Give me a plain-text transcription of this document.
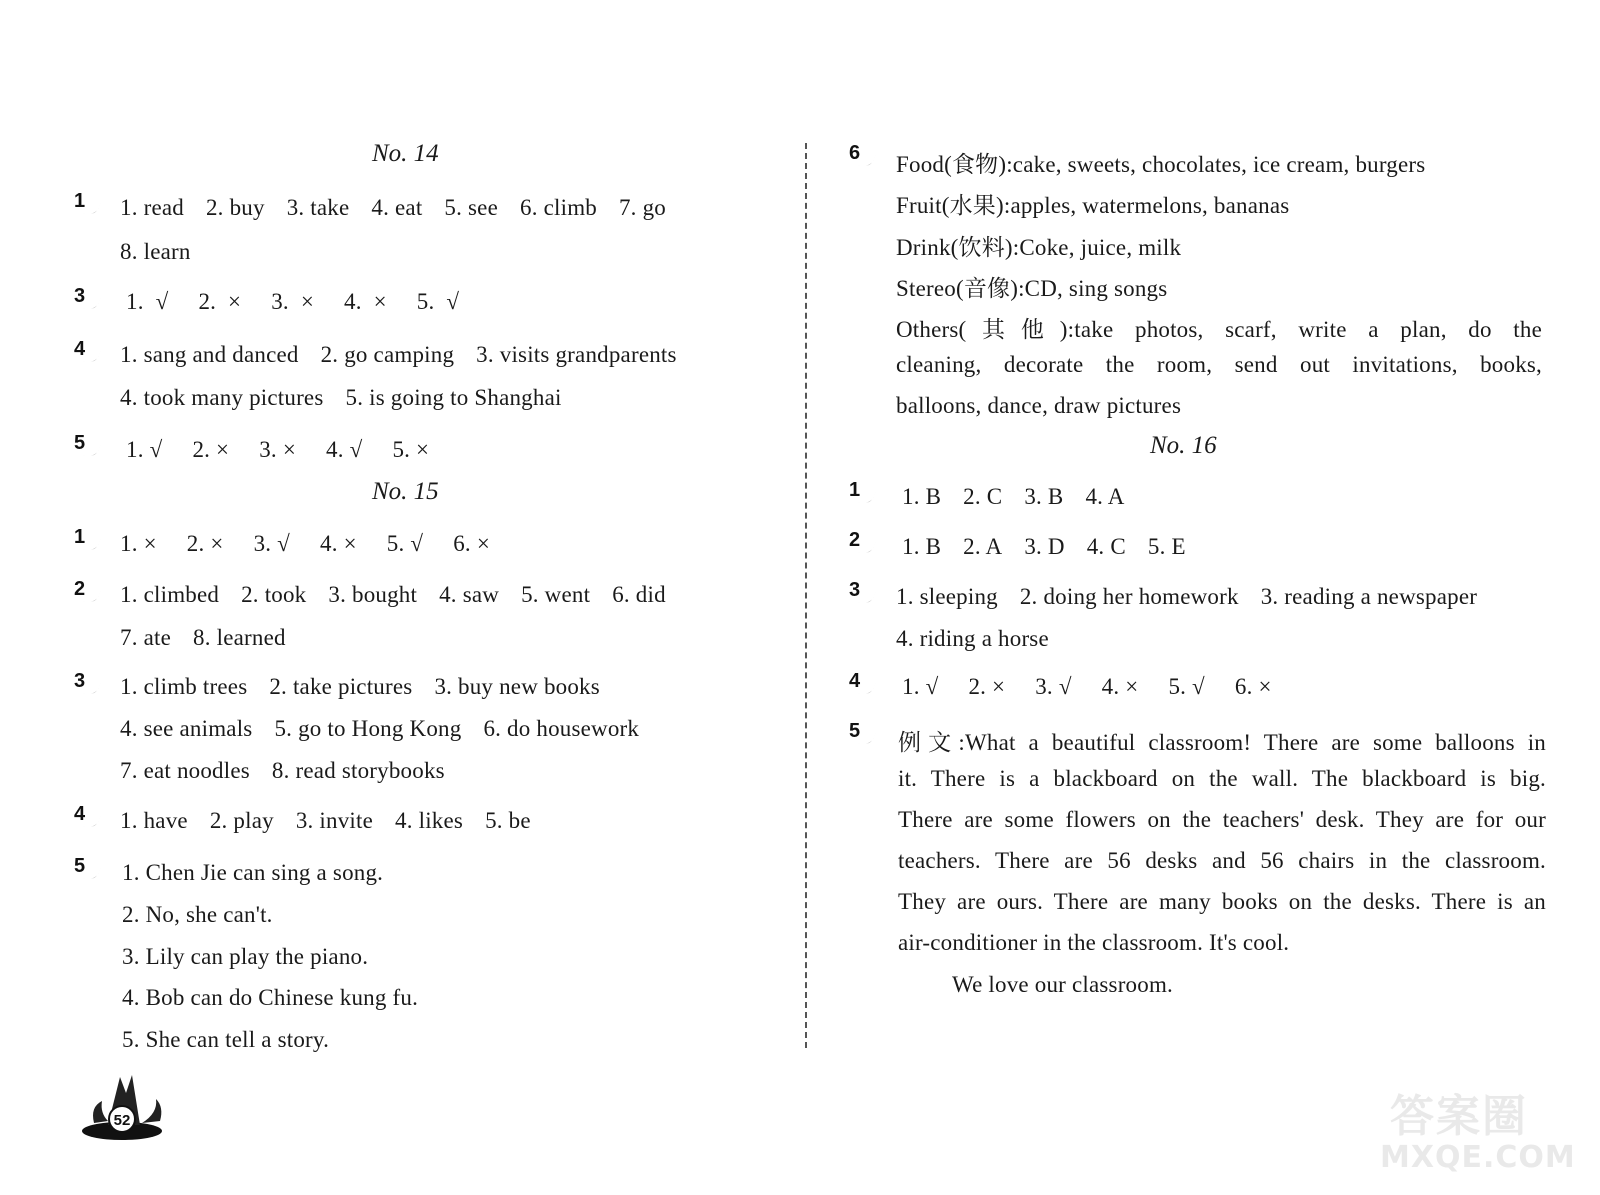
No. 14
1 1. read 2. buy 3. take 4. eat 5. see 6. climb 7. go
8. learn
3 1. √ 2. × 3. × 4. × 5. √
4 1. sang and danced 2. go camping 3. visits grandparents
4. took many pictures 5. is going to Shanghai
5 1. √ 2. × 3. × 4. √ 5. ×
No. 15
1 1. × 2. × 3. √ 4. × 5. √ 6. ×
2 1. climbed 2. took 3. bought 4. saw 5. went 6. did
7. ate 8. learned
3 1. climb trees 2. take pictures 3. buy new books
4. see animals 5. go to Hong Kong 6. do housework
7. eat noodles 8. read storybooks
4 1. have 2. play 3. invite 4. likes 5. be
5 1. Chen Jie can sing a song.
2. No, she can't.
3. Lily can play the piano.
4. Bob can do Chinese kung fu.
5. She can tell a story.
52
6 Food(食物):cake, sweets, chocolates, ice cream, burgers
Fruit(水果):apples, watermelons, bananas
Drink(饮料):Coke, juice, milk
Stereo(音像):CD, sing songs
Others(其他):take photos, scarf, write a plan, do the
cleaning, decorate the room, send out invitations, books,
balloons, dance, draw pictures
No. 16
1 1. B 2. C 3. B 4. A
2 1. B 2. A 3. D 4. C 5. E
3 1. sleeping 2. doing her homework 3. reading a newspaper
4. riding a horse
4 1. √ 2. × 3. √ 4. × 5. √ 6. ×
5 例文:What a beautiful classroom! There are some balloons in
it. There is a blackboard on the wall. The blackboard is big.
There are some flowers on the teachers' desk. They are for our
teachers. There are 56 desks and 56 chairs in the classroom.
They are ours. There are many books on the desks. There is an
air-conditioner in the classroom. It's cool.
We love our classroom.
答案圈
MXQE.COM
